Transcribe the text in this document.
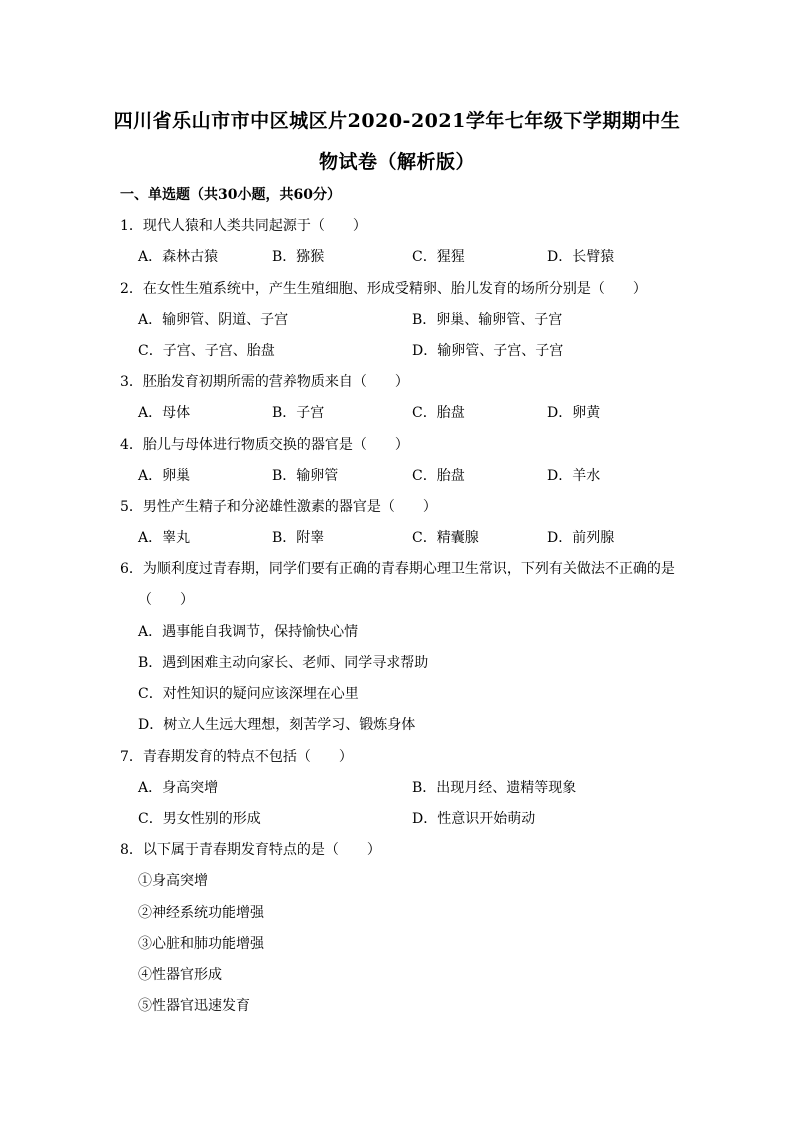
四川省乐山市市中区城区片2020-2021学年七年级下学期期中生
物试卷（解析版）
一、单选题（共30小题，共60分）
1．现代人猿和人类共同起源于（　　）
A．森林古猿	B．猕猴	C．猩猩	D．长臂猿
2．在女性生殖系统中，产生生殖细胞、形成受精卵、胎儿发育的场所分别是（　　）
A．输卵管、阴道、子宫	B．卵巢、输卵管、子宫
C．子宫、子宫、胎盘	D．输卵管、子宫、子宫
3．胚胎发育初期所需的营养物质来自（　　）
A．母体	B．子宫	C．胎盘	D．卵黄
4．胎儿与母体进行物质交换的器官是（　　）
A．卵巢	B．输卵管	C．胎盘	D．羊水
5．男性产生精子和分泌雄性激素的器官是（　　）
A．睾丸	B．附睾	C．精囊腺	D．前列腺
6．为顺利度过青春期，同学们要有正确的青春期心理卫生常识，下列有关做法不正确的是
（　　）
A．遇事能自我调节，保持愉快心情
B．遇到困难主动向家长、老师、同学寻求帮助
C．对性知识的疑问应该深埋在心里
D．树立人生远大理想，刻苦学习、锻炼身体
7．青春期发育的特点不包括（　　）
A．身高突增	B．出现月经、遗精等现象
C．男女性别的形成	D．性意识开始萌动
8．以下属于青春期发育特点的是（　　）
①身高突增
②神经系统功能增强
③心脏和肺功能增强
④性器官形成
⑤性器官迅速发育
